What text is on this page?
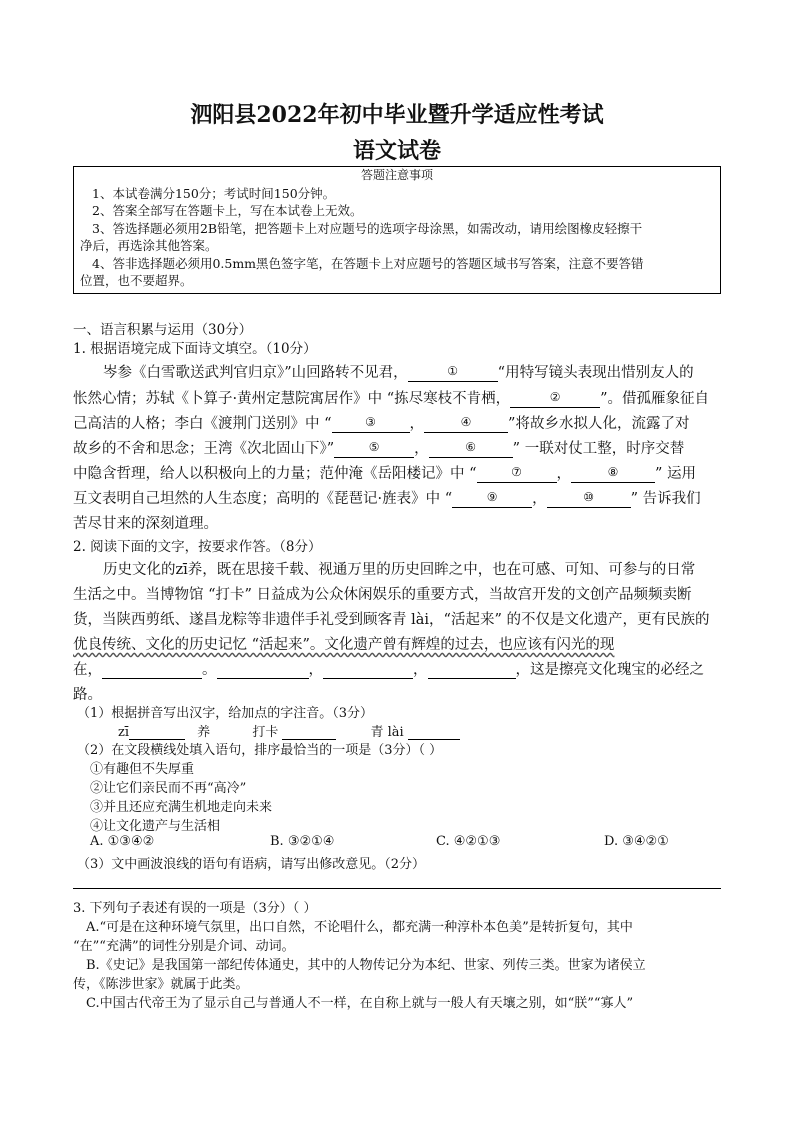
泗阳县2022年初中毕业暨升学适应性考试
语文试卷
答题注意事项
1、本试卷满分150分；考试时间150分钟。
2、答案全部写在答题卡上，写在本试卷上无效。
3、答选择题必须用2B铅笔，把答题卡上对应题号的选项字母涂黑，如需改动，请用绘图橡皮轻擦干
净后，再选涂其他答案。
4、答非选择题必须用0.5mm黑色签字笔，在答题卡上对应题号的答题区域书写答案，注意不要答错
位置，也不要超界。
一、语言积累与运用（30分）
1. 根据语境完成下面诗文填空。（10分）
岑参《白雪歌送武判官归京》”山回路转不见君，	①	“用特写镜头表现出惜别友人的
怅然心情；苏轼《卜算子·黄州定慧院寓居作》中 “拣尽寒枝不肯栖，	②	”。借孤雁象征自
己高洁的人格；李白《渡荆门送别》中 “	③ ，	④	”将故乡水拟人化，流露了对
故乡的不舍和思念；王湾《次北固山下》”	⑤ ，	⑥	” 一联对仗工整，时序交替
中隐含哲理，给人以积极向上的力量；范仲淹《岳阳楼记》中 “	⑦ ，	⑧	” 运用
互文表明自己坦然的人生态度；高明的《琵琶记·旌表》中 “	⑨ ，	⑩	” 告诉我们
苦尽甘来的深刻道理。
2. 阅读下面的文字，按要求作答。（8分）
历史文化的zī养，既在思接千载、视通万里的历史回眸之中，也在可感、可知、可参与的日常
生活之中。当博物馆 “打卡” 日益成为公众休闲娱乐的重要方式，当故宫开发的文创产品频频卖断
货，当陕西剪纸、遂昌龙粽等非遗伴手礼受到顾客青 lài，“活起来” 的不仅是文化遗产，更有民族的
优良传统、文化的历史记忆 “活起来”。文化遗产曾有辉煌的过去，也应该有闪光的现
在，	。	，	，	，这是擦亮文化瑰宝的必经之
路。
（1）根据拼音写出汉字，给加点的字注音。（3分）
zī	养	打卡	青 lài
（2）在文段横线处填入语句，排序最恰当的一项是（3分）（ ）
①有趣但不失厚重
②让它们亲民而不再“高冷”
③并且还应充满生机地走向未来
④让文化遗产与生活相
A. ①③④②	B. ③②①④	C. ④②①③	D. ③④②①
（3）文中画波浪线的语句有语病，请写出修改意见。（2分）
3. 下列句子表述有误的一项是（3分）（ ）
A.“可是在这种环境气氛里，出口自然，不论唱什么，都充满一种淳朴本色美”是转折复句，其中
“在”“充满”的词性分别是介词、动词。
B.《史记》是我国第一部纪传体通史，其中的人物传记分为本纪、世家、列传三类。世家为诸侯立
传，《陈涉世家》就属于此类。
C.中国古代帝王为了显示自己与普通人不一样，在自称上就与一般人有天壤之别，如“朕”“寡人”
